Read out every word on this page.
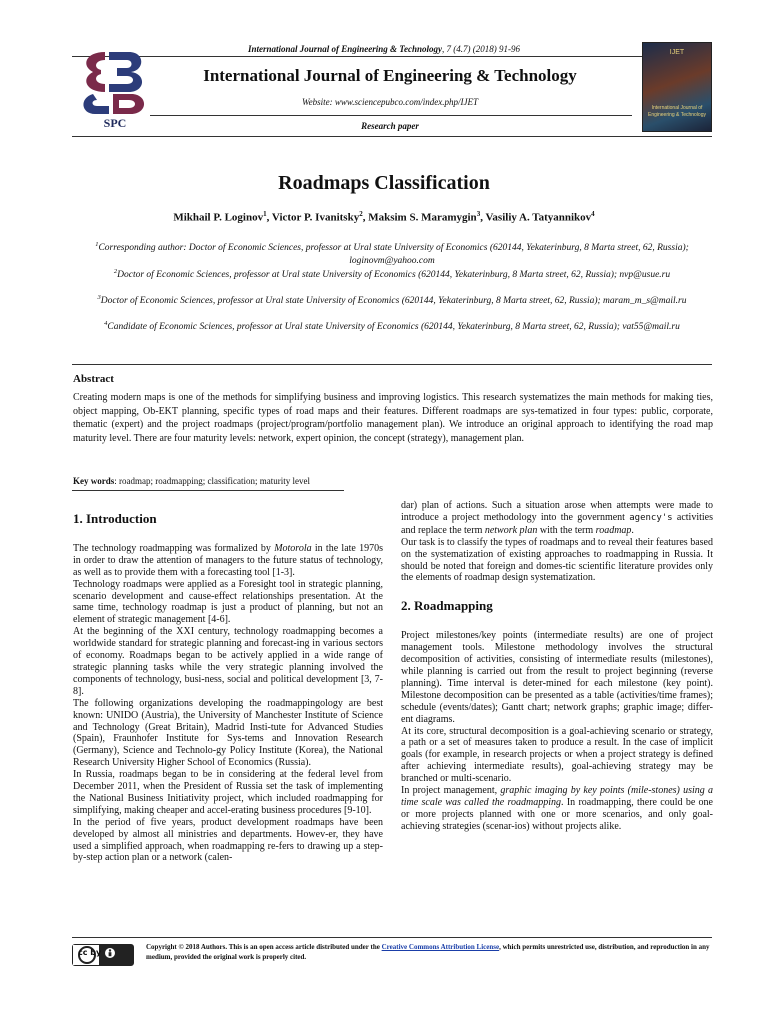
International Journal of Engineering & Technology, 7 (4.7) (2018) 91-96
SPC
International Journal of Engineering & Technology
Website: www.sciencepubco.com/index.php/IJET
Research paper
IJET
International Journal of
Engineering & Technology
Roadmaps Classification
Mikhail P. Loginov$^1$, Victor P. Ivanitsky$^2$, Maksim S. Maramygin$^3$, Vasiliy A. Tatyannikov$^4$
$^1$Corresponding author: Doctor of Economic Sciences, professor at Ural state University of Economics (620144, Yekaterinburg, 8 Marta street, 62, Russia); loginovm@yahoo.com
$^2$Doctor of Economic Sciences, professor at Ural state University of Economics (620144, Yekaterinburg, 8 Marta street, 62, Russia); nvp@usue.ru
$^3$Doctor of Economic Sciences, professor at Ural state University of Economics (620144, Yekaterinburg, 8 Marta street, 62, Russia); maram_m_s@mail.ru
$^4$Candidate of Economic Sciences, professor at Ural state University of Economics (620144, Yekaterinburg, 8 Marta street, 62, Russia); vat55@mail.ru
Abstract
Creating modern maps is one of the methods for simplifying business and improving logistics. This research systematizes the main methods for making ties, object mapping, Ob-EKT planning, specific types of road maps and their features. Different roadmaps are sys-tematized in four types: public, corporate, thematic (expert) and the project roadmaps (project/program/portfolio management plan). We introduce an original approach to identifying the road map maturity level. There are four maturity levels: network, expert opinion, the concept (strategy), management plan.
Key words: roadmap; roadmapping; classification; maturity level

1. Introduction

The technology roadmapping was formalized by Motorola in the late 1970s in order to draw the attention of managers to the future status of technology, as well as to provide them with a forecasting tool [1-3].

Technology roadmaps were applied as a Foresight tool in strategic planning, scenario development and cause-effect relationships presentation. At the same time, technology roadmap is just a product of planning, but not an element of strategic management [4-6].

At the beginning of the XXI century, technology roadmapping becomes a worldwide standard for strategic planning and forecast-ing in various sectors of economy. Roadmaps began to be actively applied in a wide range of strategic planning tasks while the very strategic planning involved the components of technology, busi-ness, social and political development [3, 7-8].

The following organizations developing the roadmappingology are best known: UNIDO (Austria), the University of Manchester Institute of Science and Technology (Great Britain), Madrid Insti-tute for Advanced Studies (Spain), Fraunhofer Institute for Sys-tems and Innovation Research (Germany), Science and Technolo-gy Policy Institute (Korea), the National Research University Higher School of Economics (Russia).

In Russia, roadmaps began to be in considering at the federal level from December 2011, when the President of Russia set the task of implementing the National Business Initiativity project, which included roadmapping for simplifying, making cheaper and accel-erating business procedures [9-10].

In the period of five years, product development roadmaps have been developed by almost all ministries and departments. Howev-er, they have used a simplified approach, when roadmapping re-fers to drawing up a step-by-step action plan or a network (calen-

dar) plan of actions. Such a situation arose when attempts were made to introduce a project methodology into the government agency's activities and replace the term network plan with the term roadmap.

Our task is to classify the types of roadmaps and to reveal their features based on the systematization of existing approaches to roadmapping in Russia. It should be noted that foreign and domes-tic scientific literature provides only the elements of roadmap design systematization.

2. Roadmapping

Project milestones/key points (intermediate results) are one of project management tools. Milestone methodology involves the structural decomposition of activities, consisting of intermediate results (milestones), while planning is carried out from the result to project beginning (reverse planning). Time interval is deter-mined for each milestone (key point). Milestone decomposition can be presented as a table (activities/time frames); schedule (events/dates); Gantt chart; network graphs; graphic image; differ-ent diagrams.

At its core, structural decomposition is a goal-achieving scenario or strategy, a path or a set of measures taken to produce a result. In the case of implicit goals (for example, in research projects or when a project strategy is defined after achieving intermediate results), goal-achieving strategy may be branched or multi-scenario.

In project management, graphic imaging by key points (mile-stones) using a time scale was called the roadmapping. In roadmapping, there could be one or more projects planned with one or more scenarios, and only goal-achieving strategies (scenar-ios) without projects alike.

cc by
Copyright © 2018 Authors. This is an open access article distributed under the Creative Commons Attribution License, which permits unrestricted use, distribution, and reproduction in any medium, provided the original work is properly cited.
